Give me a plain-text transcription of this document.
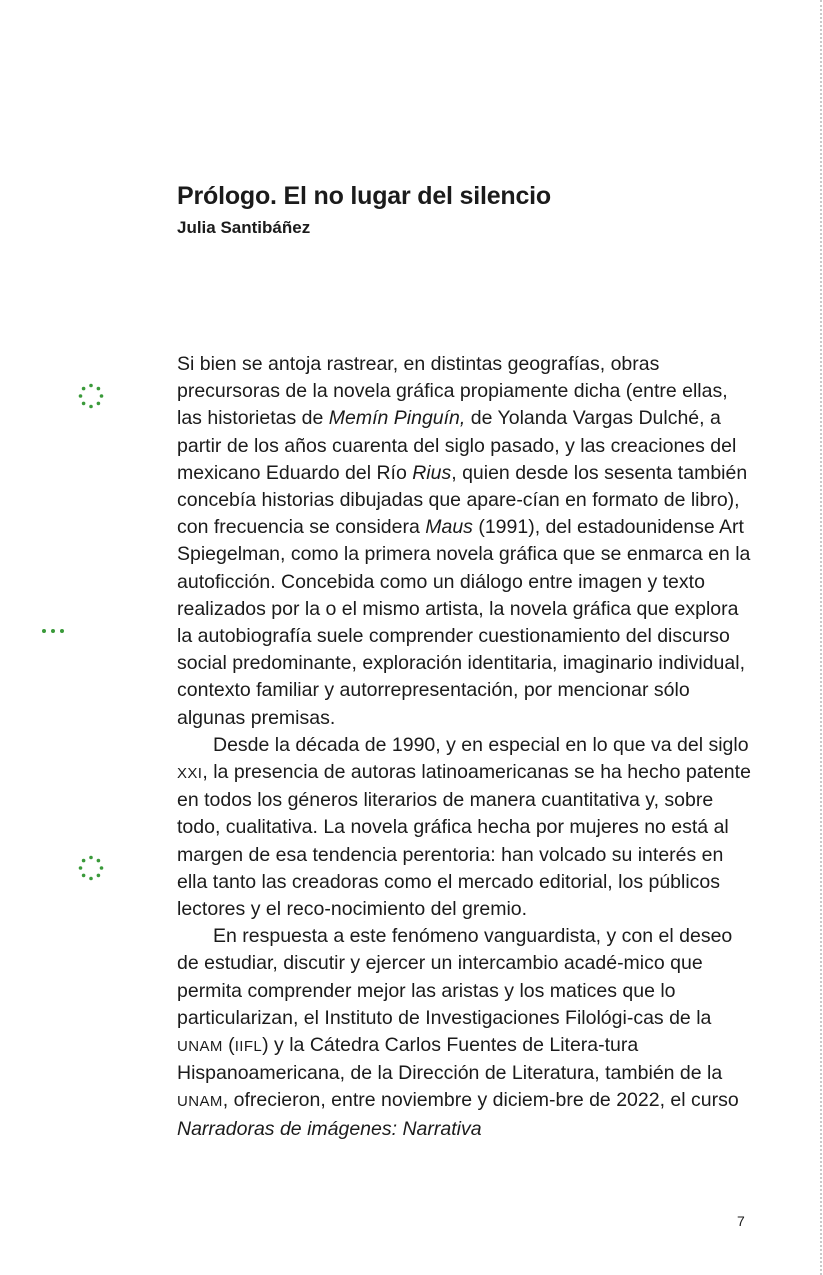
Prólogo. El no lugar del silencio
Julia Santibáñez

Si bien se antoja rastrear, en distintas geografías, obras precursoras de la novela gráfica propiamente dicha (entre ellas, las historietas de Memín Pinguín, de Yolanda Vargas Dulché, a partir de los años cuarenta del siglo pasado, y las creaciones del mexicano Eduardo del Río Rius, quien desde los sesenta también concebía historias dibujadas que apare-cían en formato de libro), con frecuencia se considera Maus (1991), del estadounidense Art Spiegelman, como la primera novela gráfica que se enmarca en la autoficción. Concebida como un diálogo entre imagen y texto realizados por la o el mismo artista, la novela gráfica que explora la autobiografía suele comprender cuestionamiento del discurso social predominante, exploración identitaria, imaginario individual, contexto familiar y autorrepresentación, por mencionar sólo algunas premisas.

Desde la década de 1990, y en especial en lo que va del siglo XXI, la presencia de autoras latinoamericanas se ha hecho patente en todos los géneros literarios de manera cuantitativa y, sobre todo, cualitativa. La novela gráfica hecha por mujeres no está al margen de esa tendencia perentoria: han volcado su interés en ella tanto las creadoras como el mercado editorial, los públicos lectores y el reco-nocimiento del gremio.

En respuesta a este fenómeno vanguardista, y con el deseo de estudiar, discutir y ejercer un intercambio acadé-mico que permita comprender mejor las aristas y los matices que lo particularizan, el Instituto de Investigaciones Filológi-cas de la UNAM (IIFL) y la Cátedra Carlos Fuentes de Litera-tura Hispanoamericana, de la Dirección de Literatura, también de la UNAM, ofrecieron, entre noviembre y diciem-bre de 2022, el curso Narradoras de imágenes: Narrativa

7
